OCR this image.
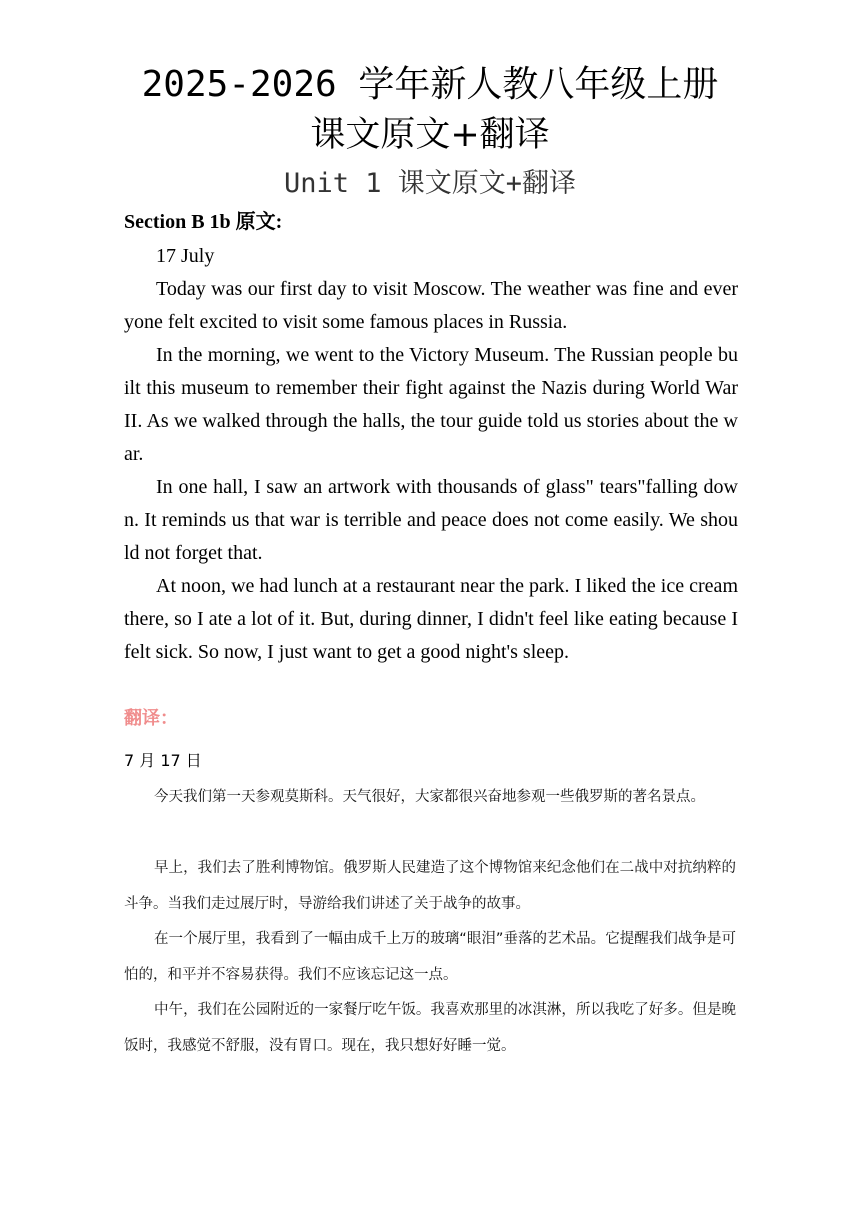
2025-2026 学年新人教八年级上册
课文原文+翻译
Unit 1 课文原文+翻译
Section B 1b 原文:
17 July

Today was our first day to visit Moscow. The weather was fine and everyone felt excited to visit some famous places in Russia.

In the morning, we went to the Victory Museum. The Russian people built this museum to remember their fight against the Nazis during World War II. As we walked through the halls, the tour guide told us stories about the war.

In one hall, I saw an artwork with thousands of glass" tears"falling down. It reminds us that war is terrible and peace does not come easily. We should not forget that.

At noon, we had lunch at a restaurant near the park. I liked the ice cream there, so I ate a lot of it. But, during dinner, I didn't feel like eating because I felt sick. So now, I just want to get a good night's sleep.

翻译：
7 月 17 日

今天我们第一天参观莫斯科。天气很好，大家都很兴奋地参观一些俄罗斯的著名景点。

早上，我们去了胜利博物馆。俄罗斯人民建造了这个博物馆来纪念他们在二战中对抗纳粹的斗争。当我们走过展厅时，导游给我们讲述了关于战争的故事。

在一个展厅里，我看到了一幅由成千上万的玻璃“眼泪”垂落的艺术品。它提醒我们战争是可怕的，和平并不容易获得。我们不应该忘记这一点。

中午，我们在公园附近的一家餐厅吃午饭。我喜欢那里的冰淇淋，所以我吃了好多。但是晚饭时，我感觉不舒服，没有胃口。现在，我只想好好睡一觉。
